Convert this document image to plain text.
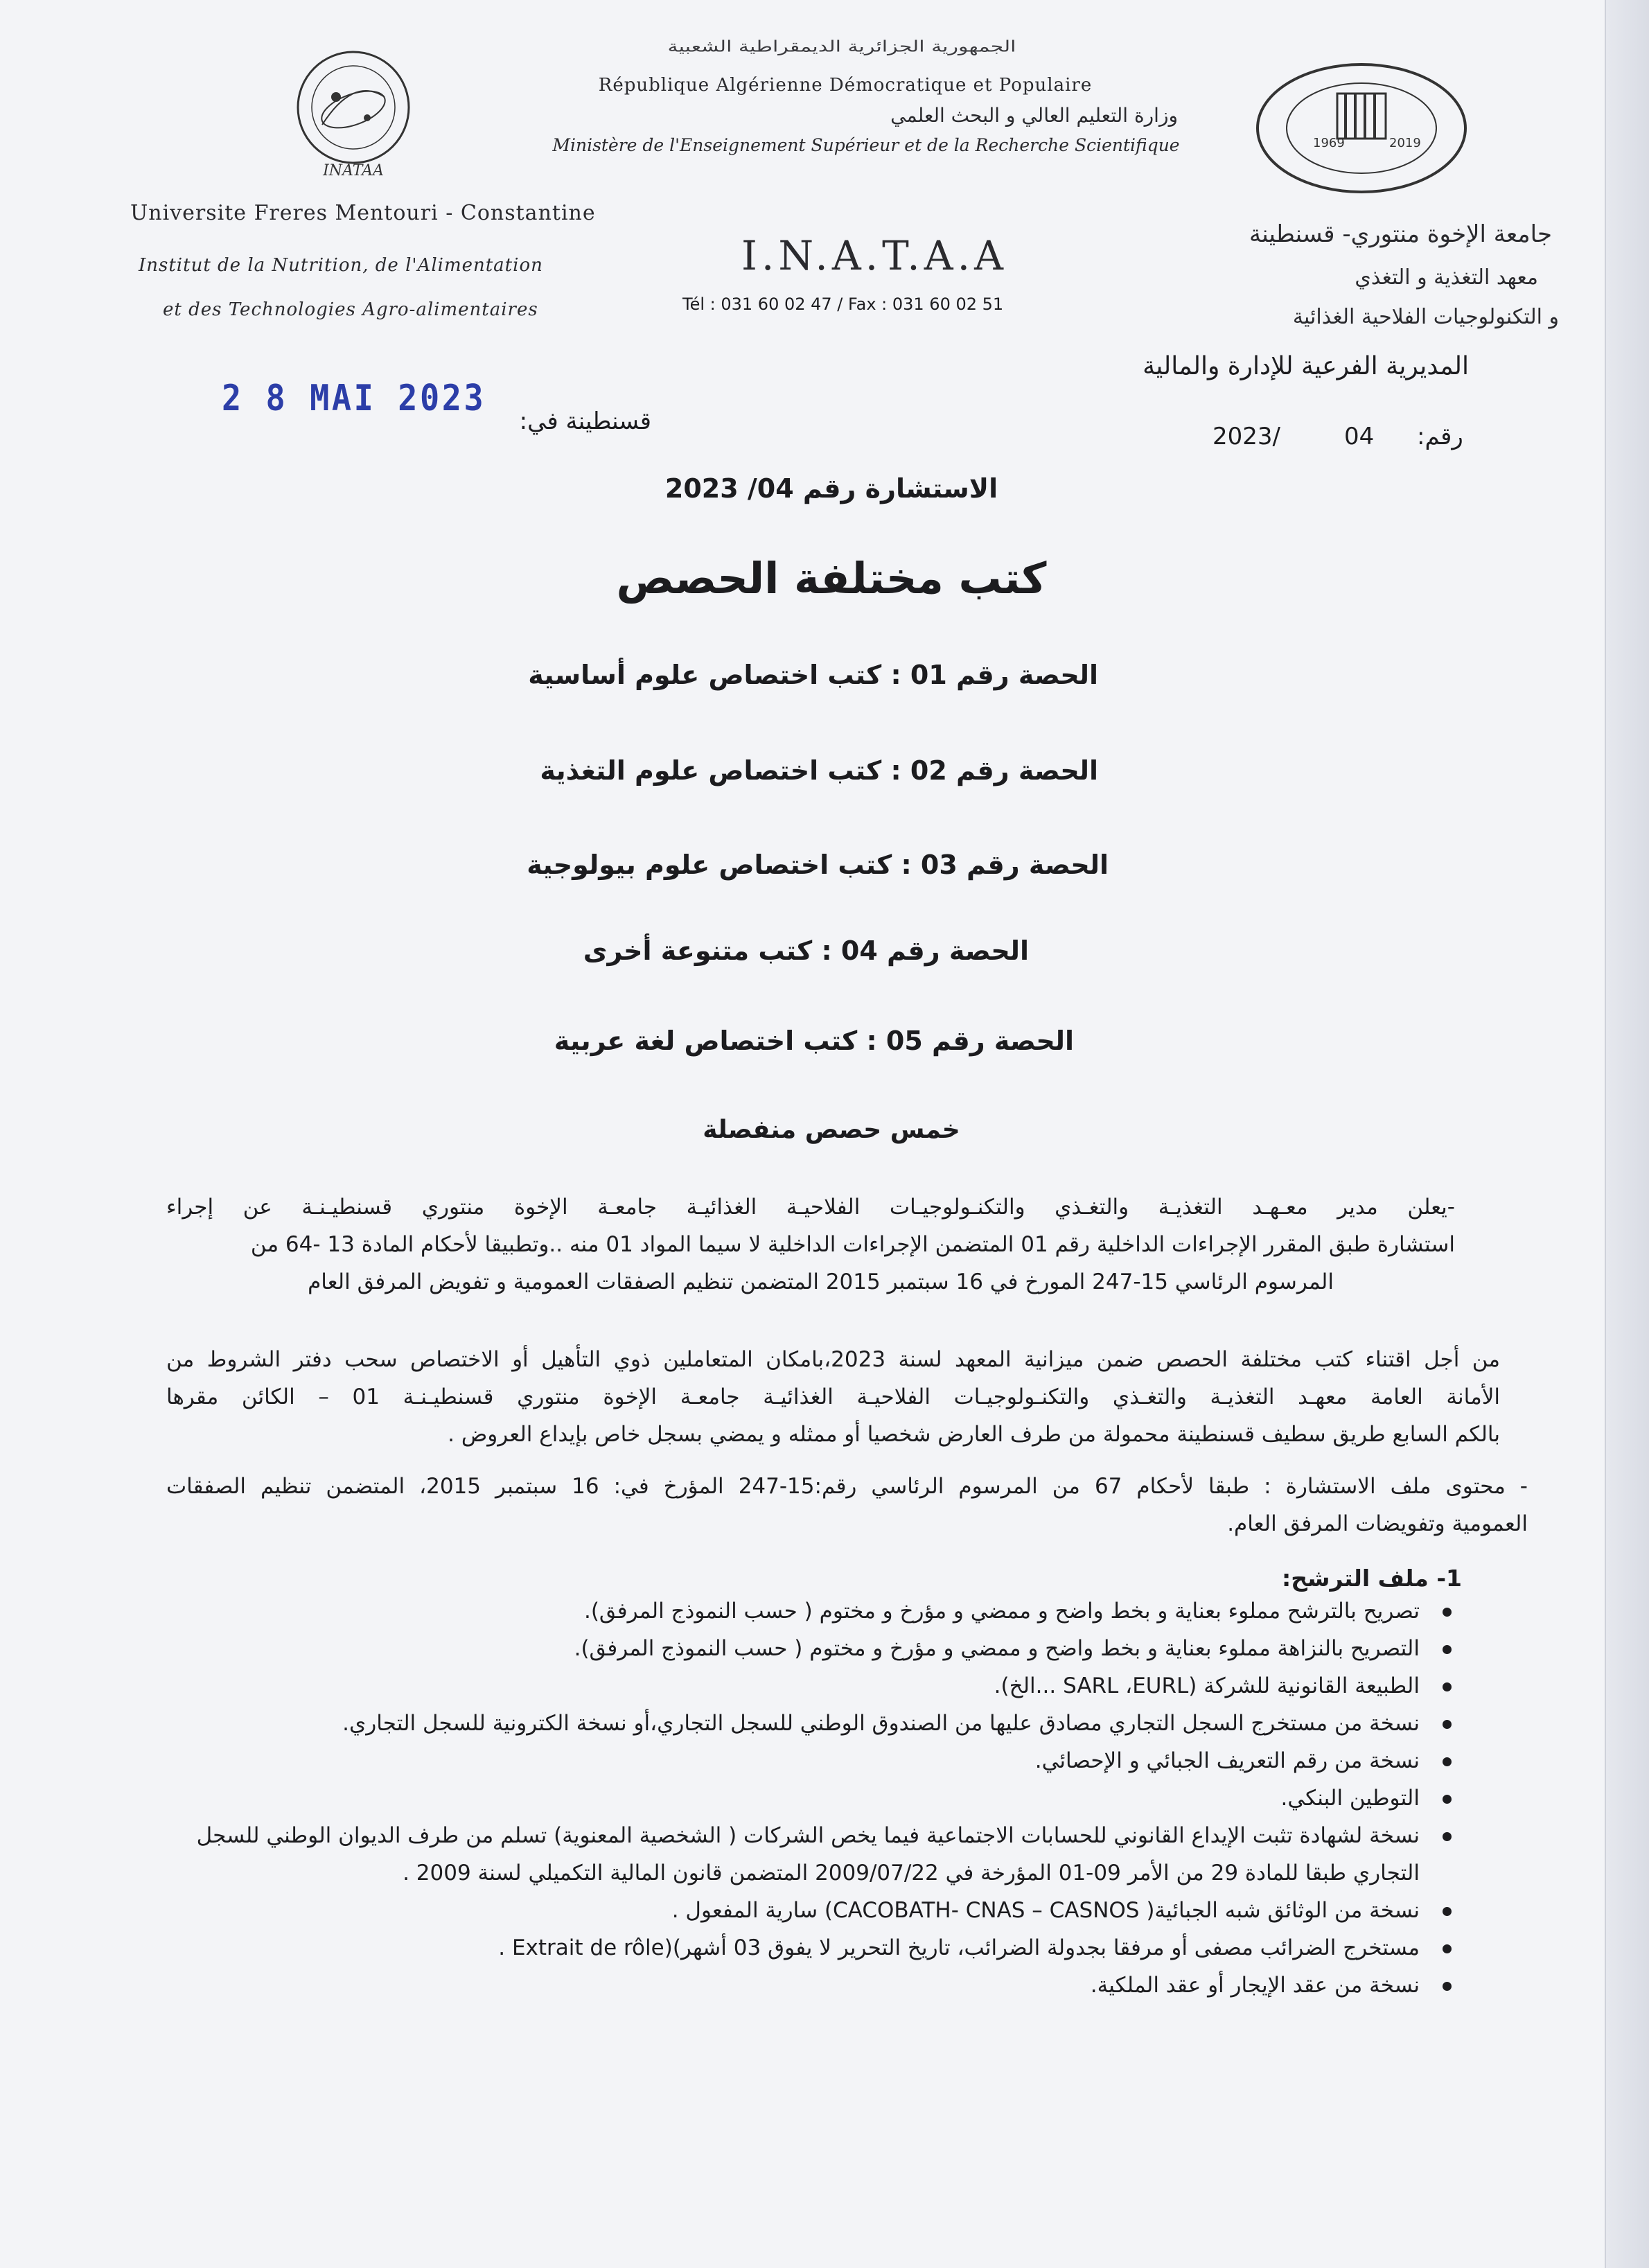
الجمهورية الجزائرية الديمقراطية الشعبية
République Algérienne Démocratique et Populaire
وزارة التعليم العالي و البحث العلمي
Ministère de l'Enseignement Supérieur et de la Recherche Scientifique
INATAA
1969	2019
Universite Freres Mentouri - Constantine
Institut de la Nutrition, de l'Alimentation
et des Technologies Agro-alimentaires
I.N.A.T.A.A
Tél : 031 60 02 47 / Fax : 031 60 02 51
جامعة الإخوة منتوري- قسنطينة
معهد التغذية و التغذي
و التكنولوجيات الفلاحية الغذائية
المديرية الفرعية للإدارة والمالية
2 8 MAI 2023
قسنطينة في:
2023/	04 رقم:
الاستشارة رقم 04/ 2023
كتب مختلفة الحصص
الحصة رقم 01 : كتب اختصاص علوم أساسية
الحصة رقم 02 : كتب اختصاص علوم التغذية
الحصة رقم 03 : كتب اختصاص علوم بيولوجية
الحصة رقم 04 : كتب متنوعة أخرى
الحصة رقم 05 : كتب اختصاص لغة عربية
خمس حصص منفصلة
-يعلن مدير معـهـد التغذيـة والتغـذي والتكنـولوجيـات الفلاحيـة الغذائيـة جامعـة الإخوة منتوري قسنطيـنـة عن إجراء
استشارة طبق المقرر الإجراءات الداخلية رقم 01 المتضمن الإجراءات الداخلية لا سيما المواد 01 منه ..وتطبيقا لأحكام المادة 13 -64 من
المرسوم الرئاسي 15-247 المورخ في 16 سبتمبر 2015 المتضمن تنظيم الصفقات العمومية و تفويض المرفق العام
من أجل اقتناء كتب مختلفة الحصص ضمن ميزانية المعهد لسنة 2023،بامكان المتعاملين ذوي التأهيل أو الاختصاص سحب دفتر الشروط من
الأمانة العامة معهـد التغذيـة والتغـذي والتكنـولوجيـات الفلاحيـة الغذائيـة جامعـة الإخوة منتوري قسنطيـنـة 01 – الكائن مقرها
بالكم السابع طريق سطيف قسنطينة محمولة من طرف العارض شخصيا أو ممثله و يمضي بسجل خاص بإيداع العروض .
- محتوى ملف الاستشارة : طبقا لأحكام 67 من المرسوم الرئاسي رقم:15-247 المؤرخ في: 16 سبتمبر 2015، المتضمن تنظيم الصفقات
العمومية وتفويضات المرفق العام.
1- ملف الترشح:
تصريح بالترشح مملوء بعناية و بخط واضح و ممضي و مؤرخ و مختوم ( حسب النموذج المرفق).
التصريح بالنزاهة مملوء بعناية و بخط واضح و ممضي و مؤرخ و مختوم ( حسب النموذج المرفق).
الطبيعة القانونية للشركة (SARL ،EURL ...الخ).
نسخة من مستخرج السجل التجاري مصادق عليها من الصندوق الوطني للسجل التجاري،أو نسخة الكترونية للسجل التجاري.
نسخة من رقم التعريف الجبائي و الإحصائي.
التوطين البنكي.
نسخة لشهادة تثبت الإيداع القانوني للحسابات الاجتماعية فيما يخص الشركات ( الشخصية المعنوية) تسلم من طرف الديوان الوطني للسجل التجاري طبقا للمادة 29 من الأمر 09-01 المؤرخة في 2009/07/22 المتضمن قانون المالية التكميلي لسنة 2009 .
نسخة من الوثائق شبه الجبائية( CACOBATH- CNAS – CASNOS) سارية المفعول .
مستخرج الضرائب مصفى أو مرفقا بجدولة الضرائب، تاريخ التحرير لا يفوق 03 أشهر)(Extrait de rôle .
نسخة من عقد الإيجار أو عقد الملكية.
